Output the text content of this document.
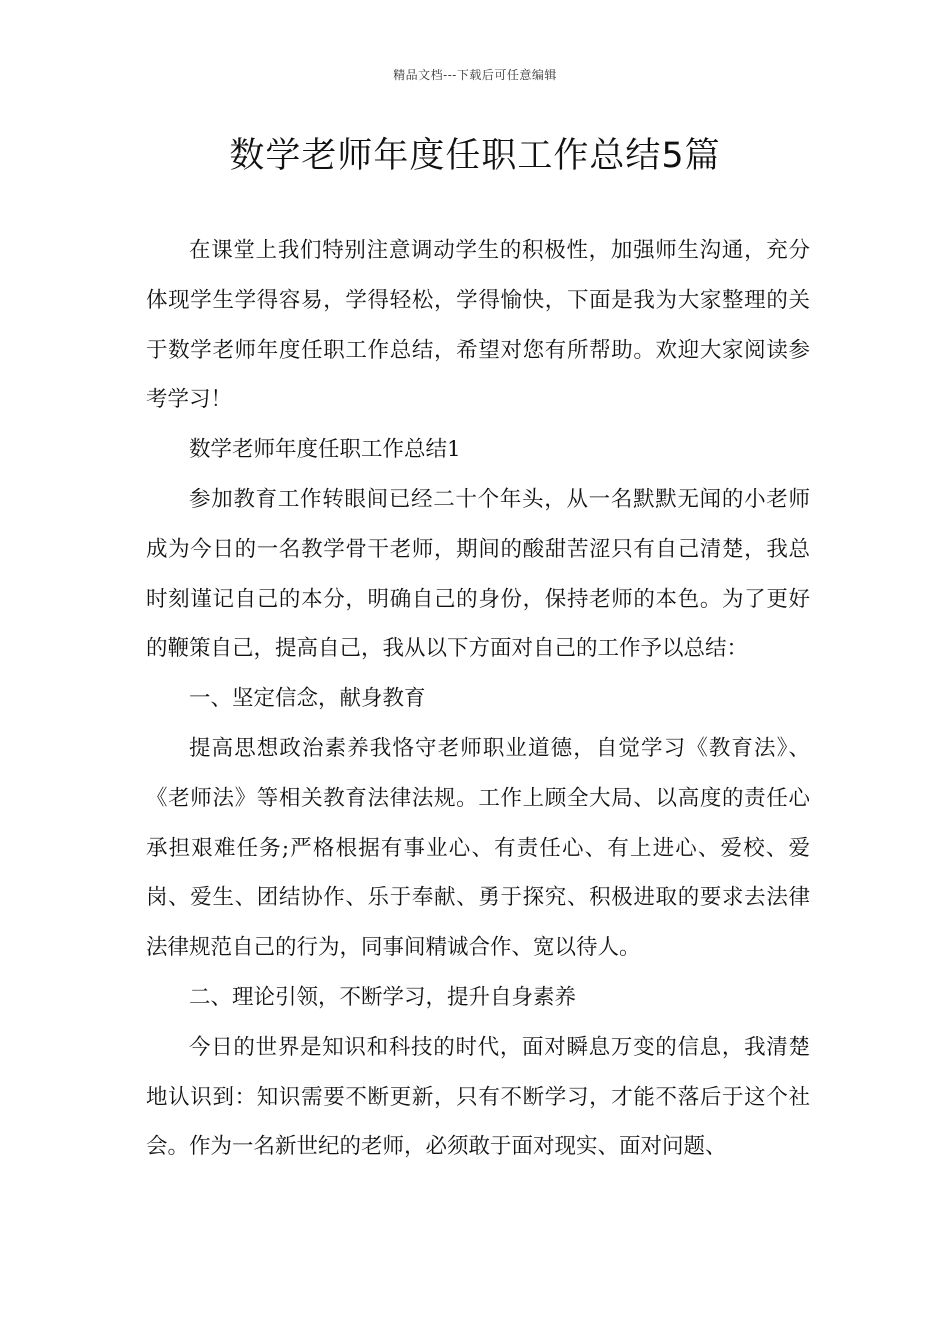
精品文档---下载后可任意编辑
数学老师年度任职工作总结5篇

在课堂上我们特别注意调动学生的积极性，加强师生沟通，充分体现学生学得容易，学得轻松，学得愉快，下面是我为大家整理的关于数学老师年度任职工作总结，希望对您有所帮助。欢迎大家阅读参考学习！

数学老师年度任职工作总结1

参加教育工作转眼间已经二十个年头，从一名默默无闻的小老师成为今日的一名教学骨干老师，期间的酸甜苦涩只有自己清楚，我总时刻谨记自己的本分，明确自己的身份，保持老师的本色。为了更好的鞭策自己，提高自己，我从以下方面对自己的工作予以总结：

一、坚定信念，献身教育

提高思想政治素养我恪守老师职业道德，自觉学习《教育法》、《老师法》等相关教育法律法规。工作上顾全大局、以高度的责任心承担艰难任务;严格根据有事业心、有责任心、有上进心、爱校、爱岗、爱生、团结协作、乐于奉献、勇于探究、积极进取的要求去法律法律规范自己的行为，同事间精诚合作、宽以待人。

二、理论引领，不断学习，提升自身素养

今日的世界是知识和科技的时代，面对瞬息万变的信息，我清楚地认识到：知识需要不断更新，只有不断学习，才能不落后于这个社会。作为一名新世纪的老师，必须敢于面对现实、面对问题、
